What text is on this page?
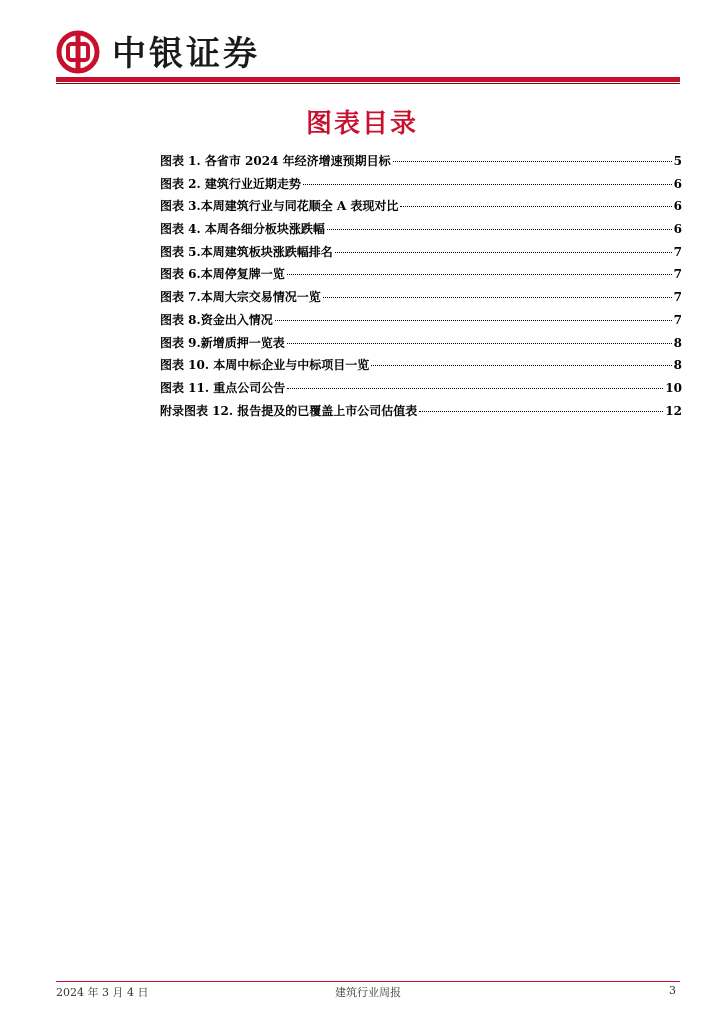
中银证券
图表目录
图表 1. 各省市 2024 年经济增速预期目标	5
图表 2. 建筑行业近期走势	6
图表 3.本周建筑行业与同花顺全 A 表现对比	6
图表 4. 本周各细分板块涨跌幅	6
图表 5.本周建筑板块涨跌幅排名	7
图表 6.本周停复牌一览	7
图表 7.本周大宗交易情况一览	7
图表 8.资金出入情况	7
图表 9.新增质押一览表	8
图表 10. 本周中标企业与中标项目一览	8
图表 11. 重点公司公告	10
附录图表 12. 报告提及的已覆盖上市公司估值表	12
2024 年 3 月 4 日	建筑行业周报	3
